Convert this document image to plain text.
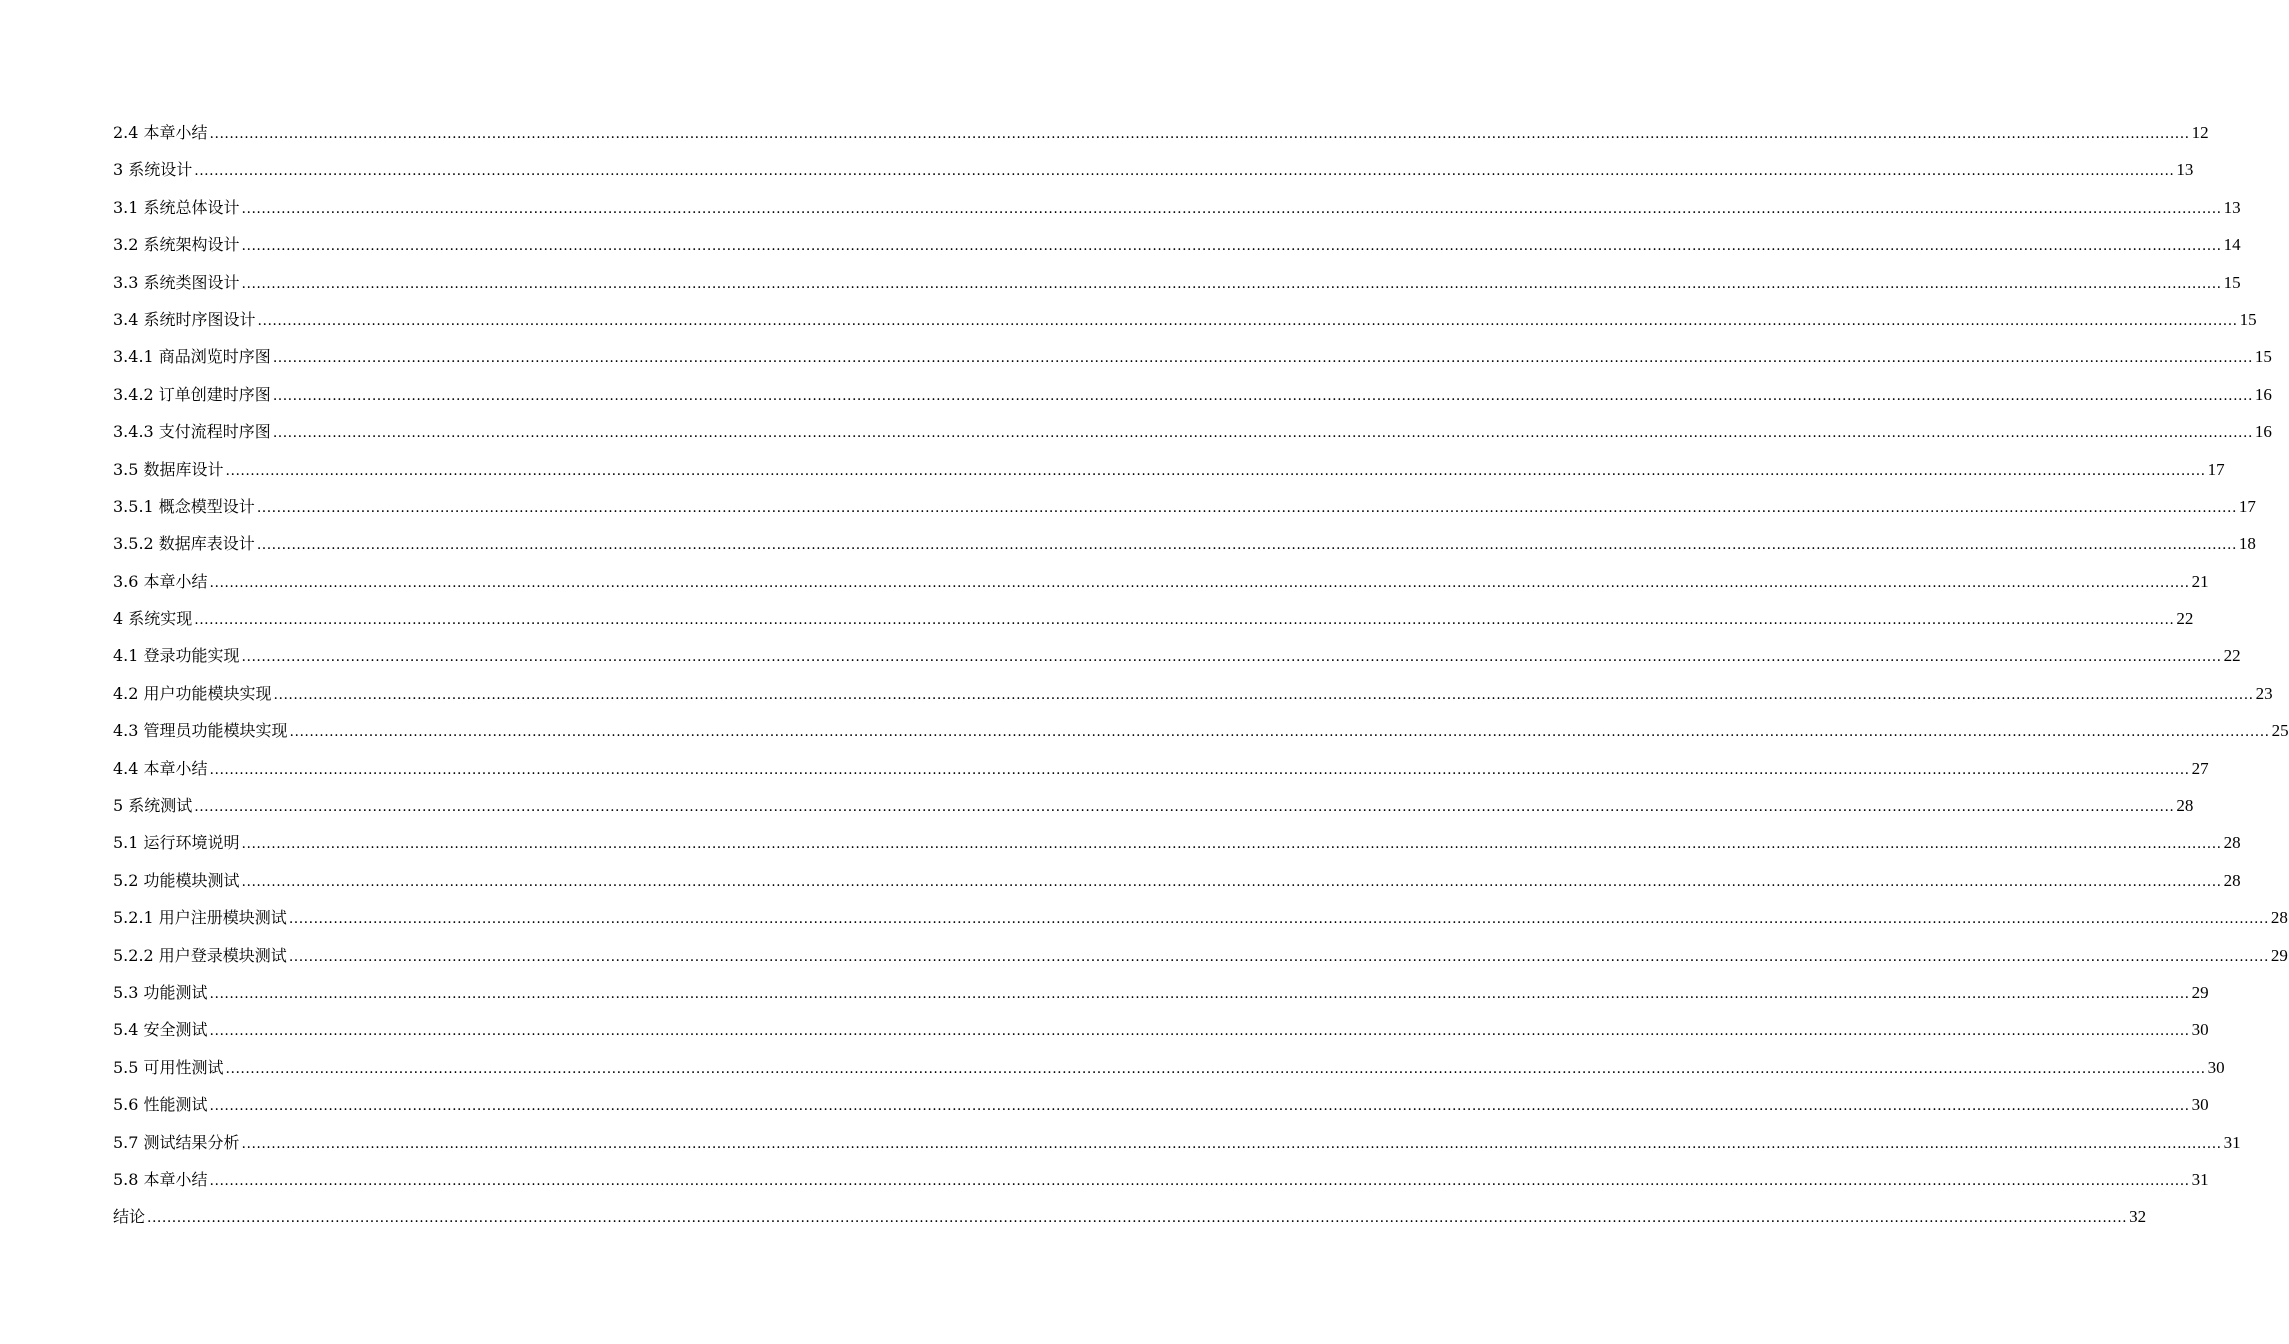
2.4 本章小结 ................................................................................................................................................................................................................................................................................................................................................................................................................ 12
3 系统设计 ................................................................................................................................................................................................................................................................................................................................................................................................................ 13
3.1 系统总体设计 ................................................................................................................................................................................................................................................................................................................................................................................................................ 13
3.2 系统架构设计 ................................................................................................................................................................................................................................................................................................................................................................................................................ 14
3.3 系统类图设计 ................................................................................................................................................................................................................................................................................................................................................................................................................ 15
3.4 系统时序图设计 ................................................................................................................................................................................................................................................................................................................................................................................................................ 15
3.4.1 商品浏览时序图 ................................................................................................................................................................................................................................................................................................................................................................................................................ 15
3.4.2 订单创建时序图 ................................................................................................................................................................................................................................................................................................................................................................................................................ 16
3.4.3 支付流程时序图 ................................................................................................................................................................................................................................................................................................................................................................................................................ 16
3.5 数据库设计 ................................................................................................................................................................................................................................................................................................................................................................................................................ 17
3.5.1 概念模型设计 ................................................................................................................................................................................................................................................................................................................................................................................................................ 17
3.5.2 数据库表设计 ................................................................................................................................................................................................................................................................................................................................................................................................................ 18
3.6 本章小结 ................................................................................................................................................................................................................................................................................................................................................................................................................ 21
4 系统实现 ................................................................................................................................................................................................................................................................................................................................................................................................................ 22
4.1 登录功能实现 ................................................................................................................................................................................................................................................................................................................................................................................................................ 22
4.2 用户功能模块实现 ................................................................................................................................................................................................................................................................................................................................................................................................................ 23
4.3 管理员功能模块实现 ................................................................................................................................................................................................................................................................................................................................................................................................................ 25
4.4 本章小结 ................................................................................................................................................................................................................................................................................................................................................................................................................ 27
5 系统测试 ................................................................................................................................................................................................................................................................................................................................................................................................................ 28
5.1 运行环境说明 ................................................................................................................................................................................................................................................................................................................................................................................................................ 28
5.2 功能模块测试 ................................................................................................................................................................................................................................................................................................................................................................................................................ 28
5.2.1 用户注册模块测试 ................................................................................................................................................................................................................................................................................................................................................................................................................ 28
5.2.2 用户登录模块测试 ................................................................................................................................................................................................................................................................................................................................................................................................................ 29
5.3 功能测试 ................................................................................................................................................................................................................................................................................................................................................................................................................ 29
5.4 安全测试 ................................................................................................................................................................................................................................................................................................................................................................................................................ 30
5.5 可用性测试 ................................................................................................................................................................................................................................................................................................................................................................................................................ 30
5.6 性能测试 ................................................................................................................................................................................................................................................................................................................................................................................................................ 30
5.7 测试结果分析 ................................................................................................................................................................................................................................................................................................................................................................................................................ 31
5.8 本章小结 ................................................................................................................................................................................................................................................................................................................................................................................................................ 31
结论 ................................................................................................................................................................................................................................................................................................................................................................................................................ 32
